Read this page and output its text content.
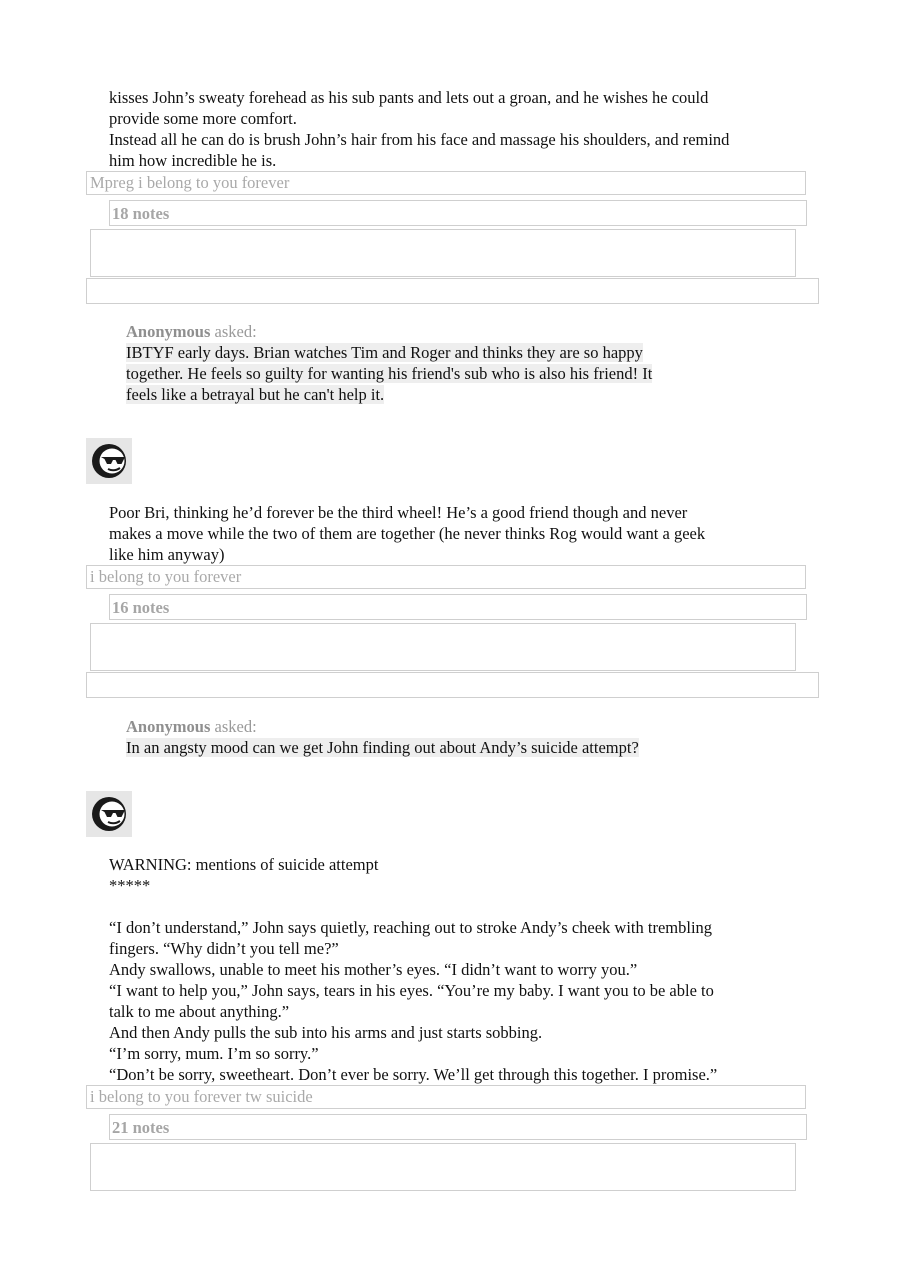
kisses John’s sweaty forehead as his sub pants and lets out a groan, and he wishes he could
provide some more comfort.
Instead all he can do is brush John’s hair from his face and massage his shoulders, and remind
him how incredible he is.
Mpreg i belong to you forever
18 notes
Anonymous asked:
IBTYF early days. Brian watches Tim and Roger and thinks they are so happy
together. He feels so guilty for wanting his friend's sub who is also his friend! It
feels like a betrayal but he can't help it.
Poor Bri, thinking he’d forever be the third wheel! He’s a good friend though and never
makes a move while the two of them are together (he never thinks Rog would want a geek
like him anyway)
i belong to you forever
16 notes
Anonymous asked:
In an angsty mood can we get John finding out about Andy’s suicide attempt?
WARNING: mentions of suicide attempt
*****
“I don’t understand,” John says quietly, reaching out to stroke Andy’s cheek with trembling
fingers. “Why didn’t you tell me?”
Andy swallows, unable to meet his mother’s eyes. “I didn’t want to worry you.”
“I want to help you,” John says, tears in his eyes. “You’re my baby. I want you to be able to
talk to me about anything.”
And then Andy pulls the sub into his arms and just starts sobbing.
“I’m sorry, mum. I’m so sorry.”
“Don’t be sorry, sweetheart. Don’t ever be sorry. We’ll get through this together. I promise.”
i belong to you forever tw suicide
21 notes
